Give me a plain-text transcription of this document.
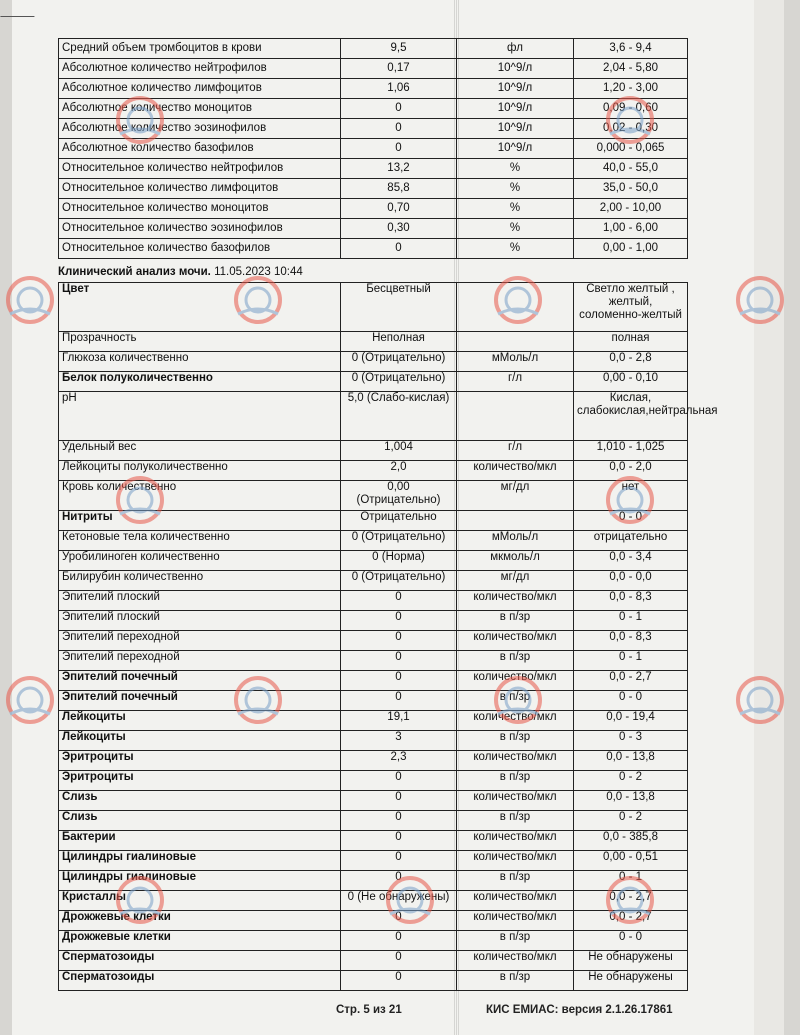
Средний объем тромбоцитов в крови	9,5	фл	3,6 - 9,4
Абсолютное количество нейтрофилов	0,17	10^9/л	2,04 - 5,80
Абсолютное количество лимфоцитов	1,06	10^9/л	1,20 - 3,00
Абсолютное количество моноцитов	0	10^9/л	0,09 - 0,60
Абсолютное количество эозинофилов	0	10^9/л	0,02 - 0,30
Абсолютное количество базофилов	0	10^9/л	0,000 - 0,065
Относительное количество нейтрофилов	13,2	%	40,0 - 55,0
Относительное количество лимфоцитов	85,8	%	35,0 - 50,0
Относительное количество моноцитов	0,70	%	2,00 - 10,00
Относительное количество эозинофилов	0,30	%	1,00 - 6,00
Относительное количество базофилов	0	%	0,00 - 1,00
Клинический анализ мочи. 11.05.2023 10:44
Цвет	Бесцветный		Светло желтый , желтый, соломенно-желтый
Прозрачность	Неполная		полная
Глюкоза количественно	0 (Отрицательно)	мМоль/л	0,0 - 2,8
Белок полуколичественно	0 (Отрицательно)	г/л	0,00 - 0,10
pH	5,0 (Слабо-кислая)		Кислая, слабокислая,нейтральная
Удельный вес	1,004	г/л	1,010 - 1,025
Лейкоциты полуколичественно	2,0	количество/мкл	0,0 - 2,0
Кровь количественно	0,00 (Отрицательно)	мг/дл	нет
Нитриты	Отрицательно		0 - 0
Кетоновые тела количественно	0 (Отрицательно)	мМоль/л	отрицательно
Уробилиноген количественно	0 (Норма)	мкмоль/л	0,0 - 3,4
Билирубин количественно	0 (Отрицательно)	мг/дл	0,0 - 0,0
Эпителий плоский	0	количество/мкл	0,0 - 8,3
Эпителий плоский	0	в п/зр	0 - 1
Эпителий переходной	0	количество/мкл	0,0 - 8,3
Эпителий переходной	0	в п/зр	0 - 1
Эпителий почечный	0	количество/мкл	0,0 - 2,7
Эпителий почечный	0	в п/зр	0 - 0
Лейкоциты	19,1	количество/мкл	0,0 - 19,4
Лейкоциты	3	в п/зр	0 - 3
Эритроциты	2,3	количество/мкл	0,0 - 13,8
Эритроциты	0	в п/зр	0 - 2
Слизь	0	количество/мкл	0,0 - 13,8
Слизь	0	в п/зр	0 - 2
Бактерии	0	количество/мкл	0,0 - 385,8
Цилиндры гиалиновые	0	количество/мкл	0,00 - 0,51
Цилиндры гиалиновые	0	в п/зр	0 - 1
Кристаллы	0 (Не обнаружены)	количество/мкл	0,0 - 2,7
Дрожжевые клетки	0	количество/мкл	0,0 - 2,7
Дрожжевые клетки	0	в п/зр	0 - 0
Сперматозоиды	0	количество/мкл	Не обнаружены
Сперматозоиды	0	в п/зр	Не обнаружены
Стр. 5 из 21	КИС ЕМИАС: версия 2.1.26.17861
